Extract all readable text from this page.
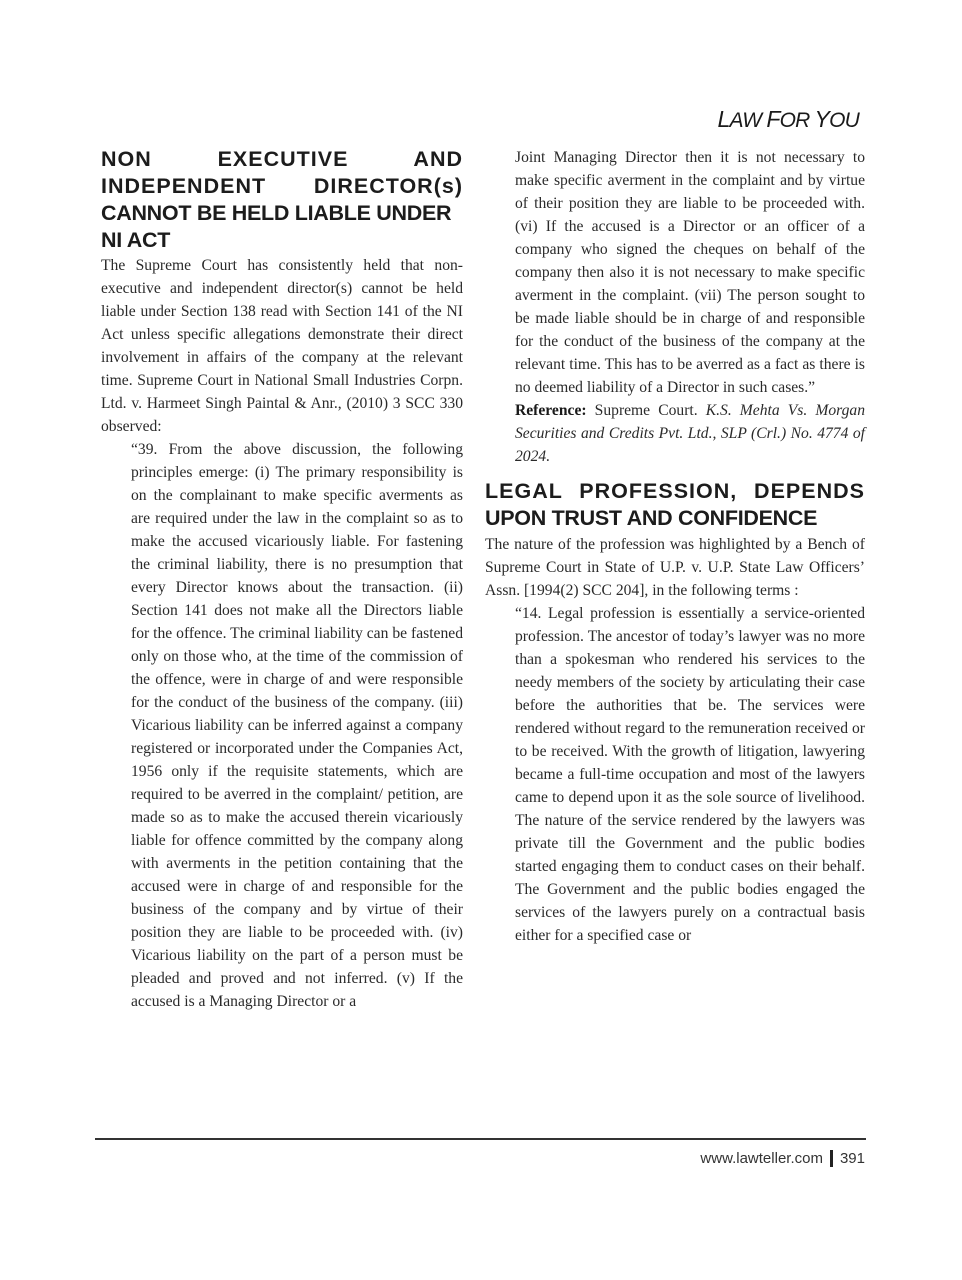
LAW FOR YOU
NON EXECUTIVE AND
INDEPENDENT DIRECTOR(s)
CANNOT BE HELD LIABLE UNDER
NI ACT

The Supreme Court has consistently held that non-executive and independent director(s) cannot be held liable under Section 138 read with Section 141 of the NI Act unless specific allegations demonstrate their direct involvement in affairs of the company at the relevant time. Supreme Court in National Small Industries Corpn. Ltd. v. Harmeet Singh Paintal & Anr., (2010) 3 SCC 330 observed:

“39. From the above discussion, the following principles emerge: (i) The primary responsibility is on the complainant to make specific averments as are required under the law in the complaint so as to make the accused vicariously liable. For fastening the criminal liability, there is no presumption that every Director knows about the transaction. (ii) Section 141 does not make all the Directors liable for the offence. The criminal liability can be fastened only on those who, at the time of the commission of the offence, were in charge of and were responsible for the conduct of the business of the company. (iii) Vicarious liability can be inferred against a company registered or incorporated under the Companies Act, 1956 only if the requisite statements, which are required to be averred in the complaint/ petition, are made so as to make the accused therein vicariously liable for offence committed by the company along with averments in the petition containing that the accused were in charge of and responsible for the business of the company and by virtue of their position they are liable to be proceeded with. (iv) Vicarious liability on the part of a person must be pleaded and proved and not inferred. (v) If the accused is a Managing Director or a

Joint Managing Director then it is not necessary to make specific averment in the complaint and by virtue of their position they are liable to be proceeded with. (vi) If the accused is a Director or an officer of a company who signed the cheques on behalf of the company then also it is not necessary to make specific averment in the complaint. (vii) The person sought to be made liable should be in charge of and responsible for the conduct of the business of the company at the relevant time. This has to be averred as a fact as there is no deemed liability of a Director in such cases.”

Reference: Supreme Court. K.S. Mehta Vs. Morgan Securities and Credits Pvt. Ltd., SLP (Crl.) No. 4774 of 2024.

LEGAL PROFESSION, DEPENDS
UPON TRUST AND CONFIDENCE

The nature of the profession was highlighted by a Bench of Supreme Court in State of U.P. v. U.P. State Law Officers’ Assn. [1994(2) SCC 204], in the following terms :

“14. Legal profession is essentially a service-oriented profession. The ancestor of today’s lawyer was no more than a spokesman who rendered his services to the needy members of the society by articulating their case before the authorities that be. The services were rendered without regard to the remuneration received or to be received. With the growth of litigation, lawyering became a full-time occupation and most of the lawyers came to depend upon it as the sole source of livelihood. The nature of the service rendered by the lawyers was private till the Government and the public bodies started engaging them to conduct cases on their behalf. The Government and the public bodies engaged the services of the lawyers purely on a contractual basis either for a specified case or

www.lawteller.com 391
